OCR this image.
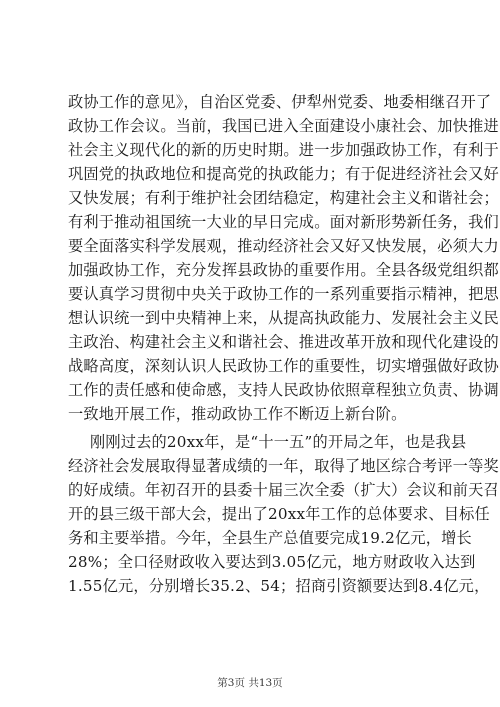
政协工作的意见》，自治区党委、伊犁州党委、地委相继召开了
政协工作会议。当前，我国已进入全面建设小康社会、加快推进
社会主义现代化的新的历史时期。进一步加强政协工作，有利于
巩固党的执政地位和提高党的执政能力；有于促进经济社会又好
又快发展；有利于维护社会团结稳定，构建社会主义和谐社会；
有利于推动祖国统一大业的早日完成。面对新形势新任务，我们
要全面落实科学发展观，推动经济社会又好又快发展，必须大力
加强政协工作，充分发挥县政协的重要作用。全县各级党组织都
要认真学习贯彻中央关于政协工作的一系列重要指示精神，把思
想认识统一到中央精神上来，从提高执政能力、发展社会主义民
主政治、构建社会主义和谐社会、推进改革开放和现代化建设的
战略高度，深刻认识人民政协工作的重要性，切实增强做好政协
工作的责任感和使命感，支持人民政协依照章程独立负责、协调
一致地开展工作，推动政协工作不断迈上新台阶。
刚刚过去的20xx年，是“十一五”的开局之年，也是我县
经济社会发展取得显著成绩的一年，取得了地区综合考评一等奖
的好成绩。年初召开的县委十届三次全委（扩大）会议和前天召
开的县三级干部大会，提出了20xx年工作的总体要求、目标任
务和主要举措。今年，全县生产总值要完成19.2亿元，增长
28%；全口径财政收入要达到3.05亿元，地方财政收入达到
1.55亿元，分别增长35.2、54；招商引资额要达到8.4亿元，
第3页 共13页
